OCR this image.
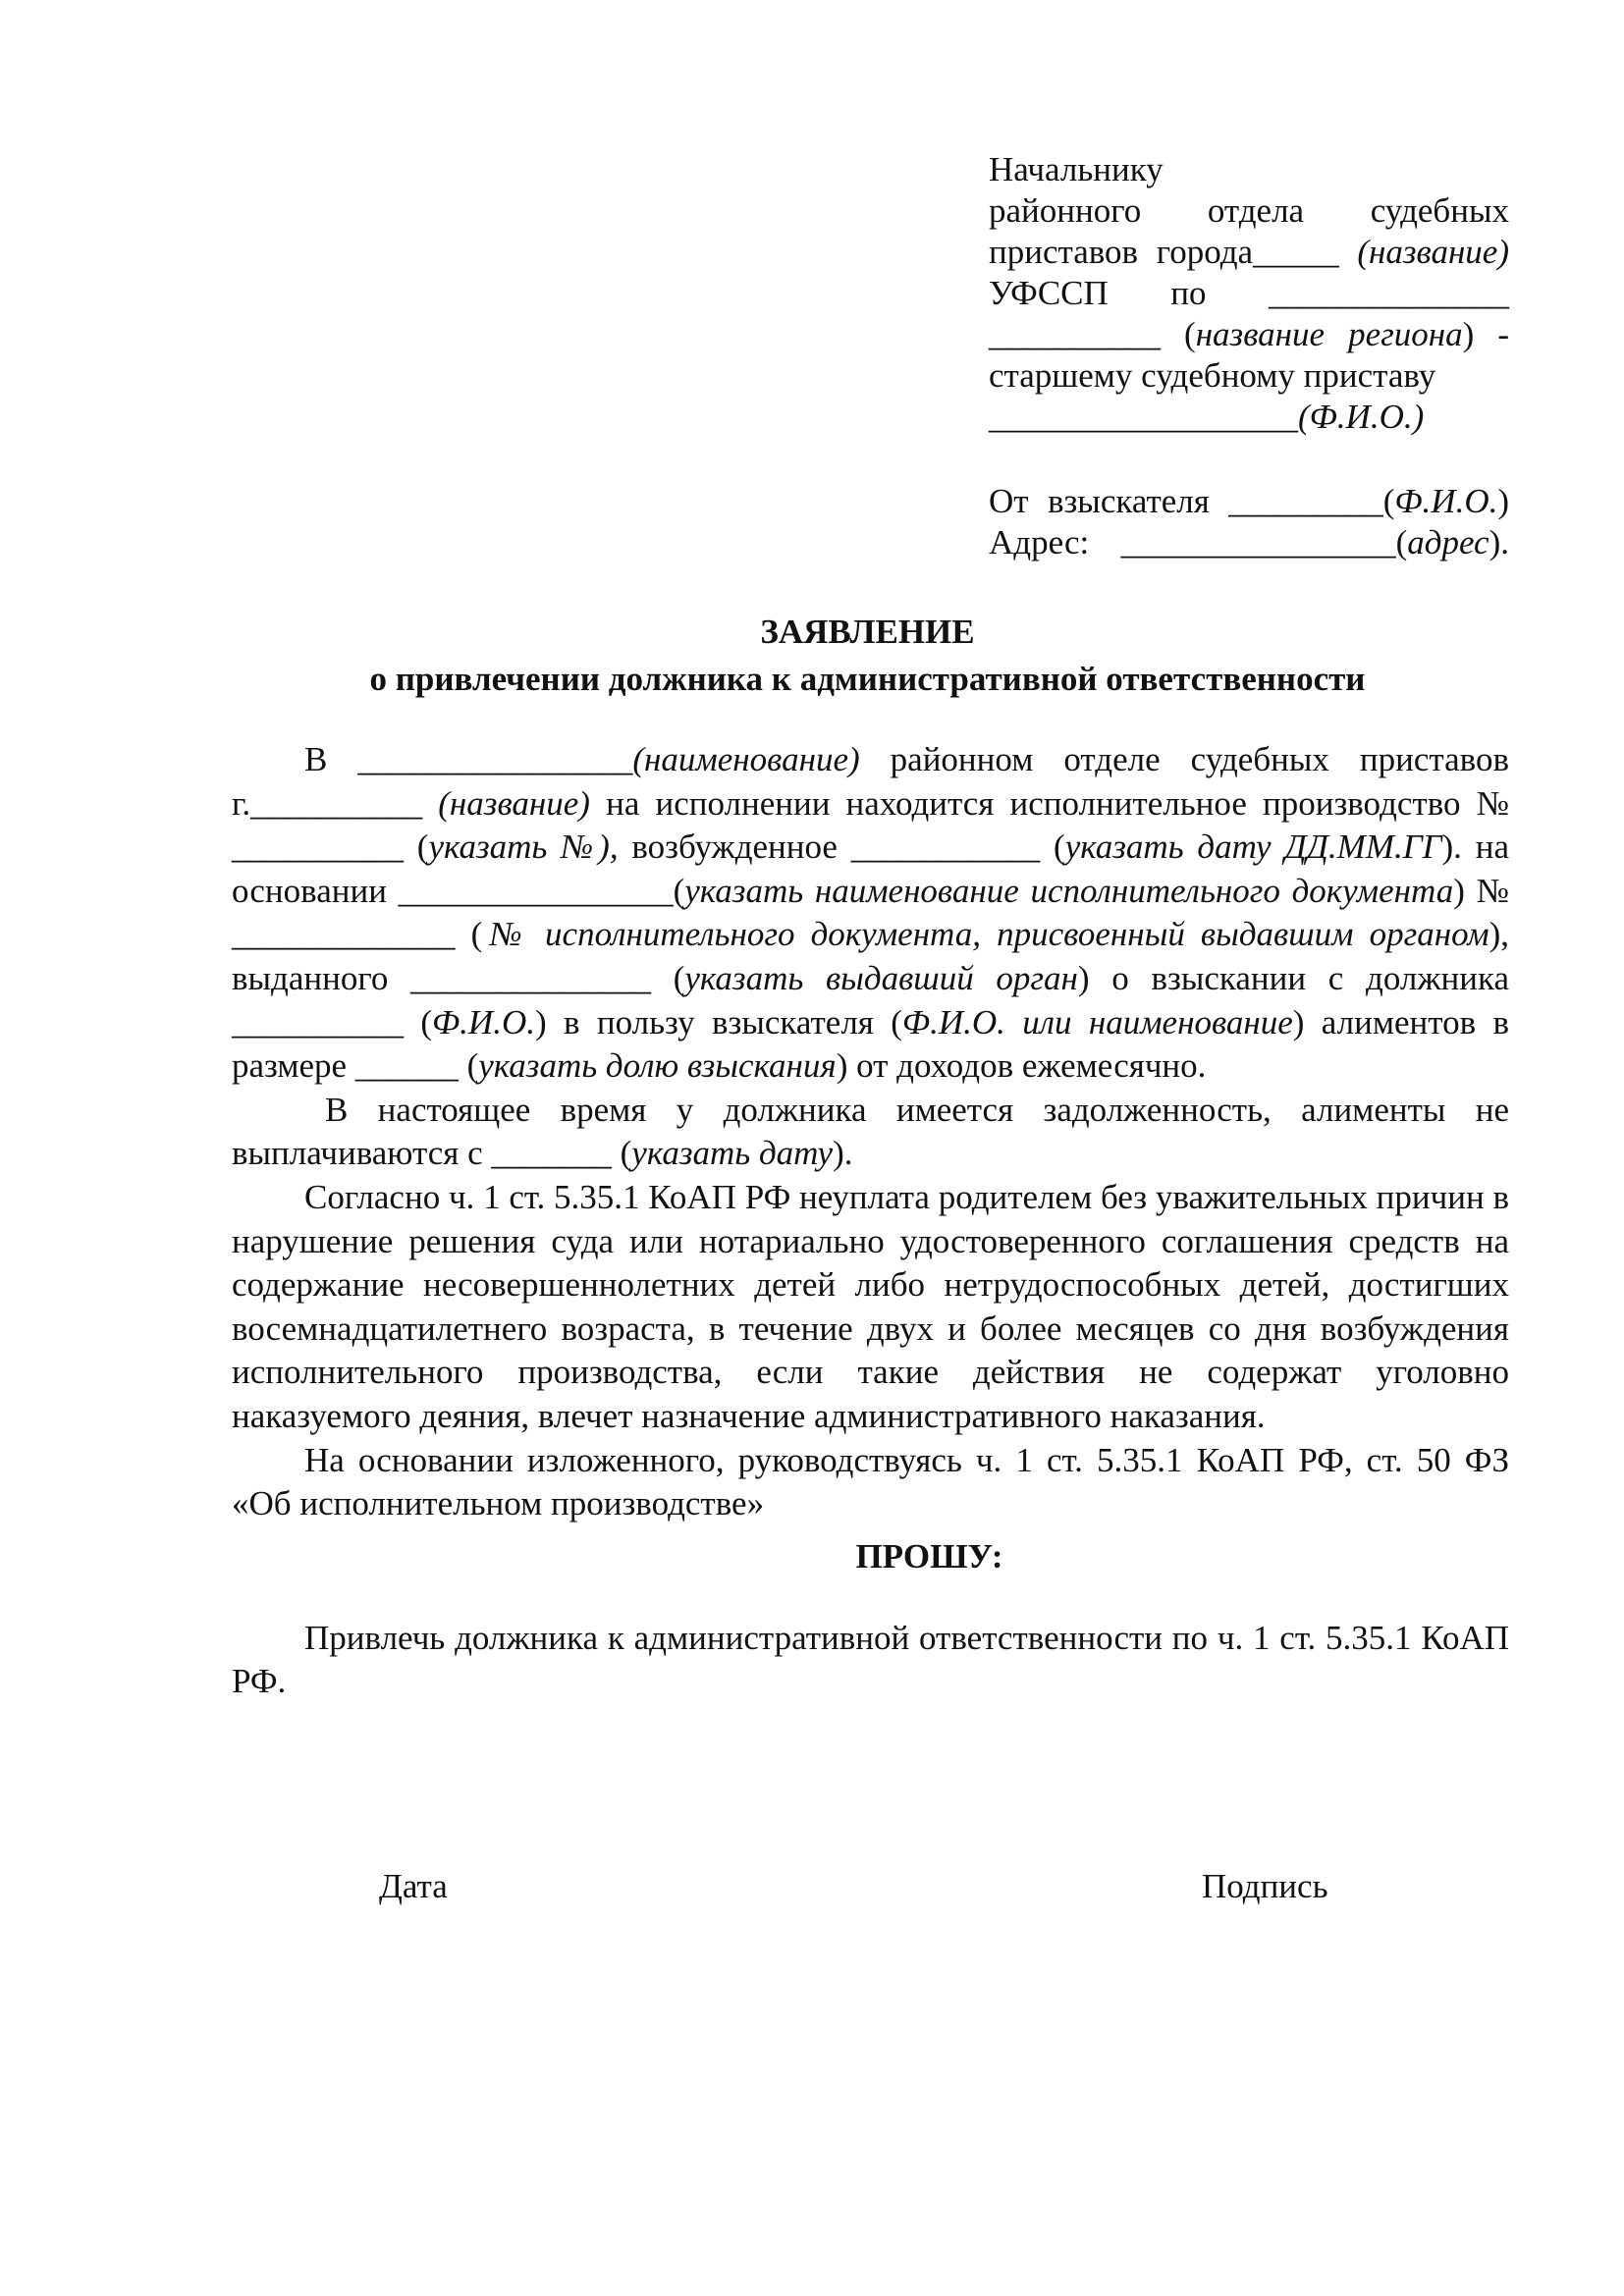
Начальнику
районного отдела судебных
приставов города_____ (название)
УФССП по ______________
__________ (название региона) -
старшему судебному приставу
__________________(Ф.И.О.)
От взыскателя _________(Ф.И.О.)
Адрес: ________________(адрес).
ЗАЯВЛЕНИЕ
о привлечении должника к административной ответственности

В ________________(наименование) районном отделе судебных приставов г.__________ (название) на исполнении находится исполнительное производство № __________ (указать №), возбужденное ___________ (указать дату ДД.ММ.ГГ). на основании ________________(указать наименование исполнительного документа) № _____________ (№ исполнительного документа, присвоенный выдавшим органом), выданного ______________ (указать выдавший орган) о взыскании с должника __________ (Ф.И.О.) в пользу взыскателя (Ф.И.О. или наименование) алиментов в размере ______ (указать долю взыскания) от доходов ежемесячно.

В настоящее время у должника имеется задолженность, алименты не выплачиваются с _______ (указать дату).

Согласно ч. 1 ст. 5.35.1 КоАП РФ неуплата родителем без уважительных причин в нарушение решения суда или нотариально удостоверенного соглашения средств на содержание несовершеннолетних детей либо нетрудоспособных детей, достигших восемнадцатилетнего возраста, в течение двух и более месяцев со дня возбуждения исполнительного производства, если такие действия не содержат уголовно наказуемого деяния, влечет назначение административного наказания.

На основании изложенного, руководствуясь ч. 1 ст. 5.35.1 КоАП РФ, ст. 50 ФЗ «Об исполнительном производстве»

ПРОШУ:

Привлечь должника к административной ответственности по ч. 1 ст. 5.35.1 КоАП РФ.

Дата	Подпись
